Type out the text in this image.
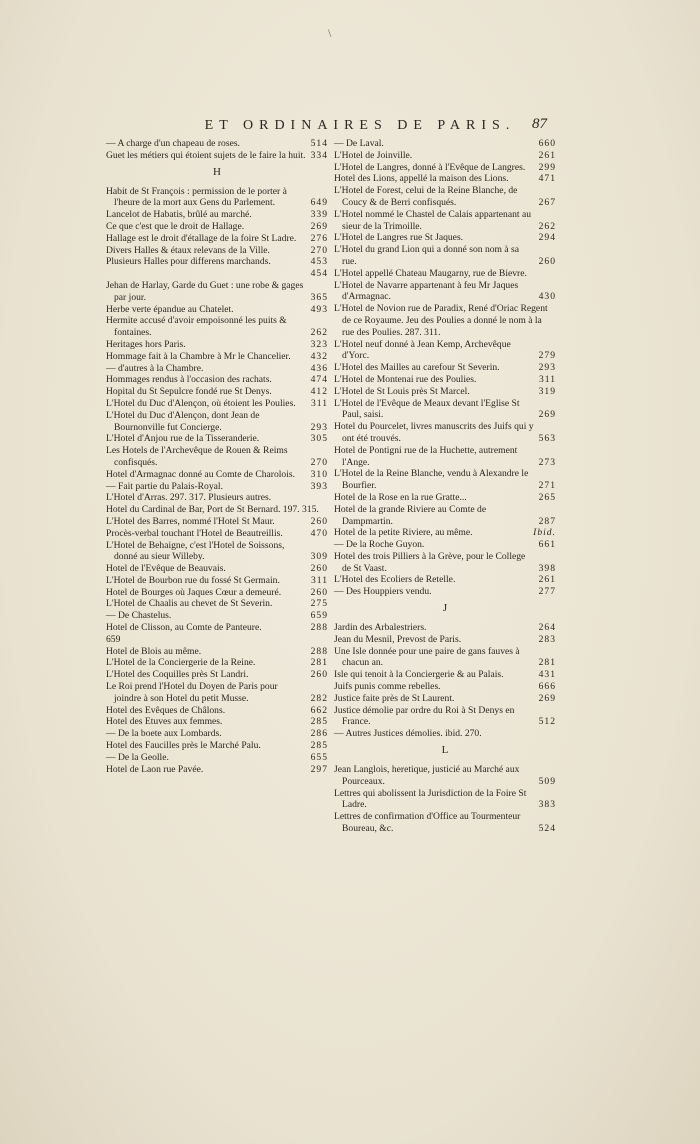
\
ET ORDINAIRES DE PARIS.	87
— A charge d'un chapeau de roses.	514
Guet les métiers qui étoient sujets de le faire la huit. 334
H
Habit de St François : permission de le porter à l'heure de la mort aux Gens du Parlement.	649
Lancelot de Habatis, brûlé au marché.	339
Ce que c'est que le droit de Hallage.	269
Hallage est le droit d'étallage de la foire St Ladre.	276
Divers Halles & étaux relevans de la Ville.	270
Plusieurs Halles pour differens marchands.	453
454
Jehan de Harlay, Garde du Guet : une robe & gages par jour.	365
Herbe verte épandue au Chatelet.	493
Hermite accusé d'avoir empoisonné les puits & fontaines.	262
Heritages hors Paris.	323
Hommage fait à la Chambre à Mr le Chancelier.	432
— d'autres à la Chambre.	436
Hommages rendus à l'occasion des rachats.	474
Hopital du St Sepulcre fondé rue St Denys.	412
L'Hotel du Duc d'Alençon, où étoient les Poulies.	311
L'Hotel du Duc d'Alençon, dont Jean de Bournonville fut Concierge.	293
L'Hotel d'Anjou rue de la Tisseranderie.	305
Les Hotels de l'Archevêque de Rouen & Reims confisqués.	270
Hotel d'Armagnac donné au Comte de Charolois.	310
— Fait partie du Palais-Royal.	393
L'Hotel d'Arras. 297. 317. Plusieurs autres.
Hotel du Cardinal de Bar, Port de St Bernard. 197. 315.
L'Hotel des Barres, nommé l'Hotel St Maur.	260
Procès-verbal touchant l'Hotel de Beautreillis.	470
L'Hotel de Behaigne, c'est l'Hotel de Soissons, donné au sieur Willeby.	309
Hotel de l'Evêque de Beauvais.	260
L'Hotel de Bourbon rue du fossé St Germain.	311
Hotel de Bourges où Jaques Cœur a demeuré.	260
L'Hotel de Chaalis au chevet de St Severin.	275
— De Chastelus.	659
Hotel de Clisson, au Comte de Panteure.	288
659
Hotel de Blois au même.	288
L'Hotel de la Conciergerie de la Reine.	281
L'Hotel des Coquilles près St Landri.	260
Le Roi prend l'Hotel du Doyen de Paris pour joindre à son Hotel du petit Musse.	282
Hotel des Evêques de Châlons.	662
Hotel des Etuves aux femmes.	285
— De la boete aux Lombards.	286
Hotel des Faucilles près le Marché Palu.	285
— De la Geolle.	655
Hotel de Laon rue Pavée.	297
— De Laval.	660
L'Hotel de Joinville.	261
L'Hotel de Langres, donné à l'Evêque de Langres.	299
Hotel des Lions, appellé la maison des Lions.	471
L'Hotel de Forest, celui de la Reine Blanche, de Coucy & de Berri confisqués.	267
L'Hotel nommé le Chastel de Calais appartenant au sieur de la Trimoille.	262
L'Hotel de Langres rue St Jaques.	294
L'Hotel du grand Lion qui a donné son nom à sa rue.	260
L'Hotel appellé Chateau Maugarny, rue de Bievre.
L'Hotel de Navarre appartenant à feu Mr Jaques d'Armagnac.	430
L'Hotel de Novion rue de Paradix, René d'Oriac Regent de ce Royaume. Jeu des Poulies a donné le nom à la rue des Poulies. 287. 311.
L'Hotel neuf donné à Jean Kemp, Archevêque d'Yorc.	279
L'Hotel des Mailles au carefour St Severin.	293
L'Hotel de Montenai rue des Poulies.	311
L'Hotel de St Louis près St Marcel.	319
L'Hotel de l'Evêque de Meaux devant l'Eglise St Paul, saisi.	269
Hotel du Pourcelet, livres manuscrits des Juifs qui y ont été trouvés.	563
Hotel de Pontigni rue de la Huchette, autrement l'Ange.	273
L'Hotel de la Reine Blanche, vendu à Alexandre le Bourfier.	271
Hotel de la Rose en la rue Gratte...	265
Hotel de la grande Riviere au Comte de Dampmartin.	287
Hotel de la petite Riviere, au même.	Ibid.
— De la Roche Guyon.	661
Hotel des trois Pilliers à la Grève, pour le College de St Vaast.	398
L'Hotel des Ecoliers de Retelle.	261
— Des Houppiers vendu.	277
J
Jardin des Arbalestriers.	264
Jean du Mesnil, Prevost de Paris.	283
Une Isle donnée pour une paire de gans fauves à chacun an.	281
Isle qui tenoit à la Conciergerie & au Palais.	431
Juifs punis comme rebelles.	666
Justice faite près de St Laurent.	269
Justice démolie par ordre du Roi à St Denys en France.	512
— Autres Justices démolies. ibid. 270.
L
Jean Langlois, heretique, justicié au Marché aux Pourceaux.	509
Lettres qui abolissent la Jurisdiction de la Foire St Ladre.	383
Lettres de confirmation d'Office au Tourmenteur Boureau, &c.	524
